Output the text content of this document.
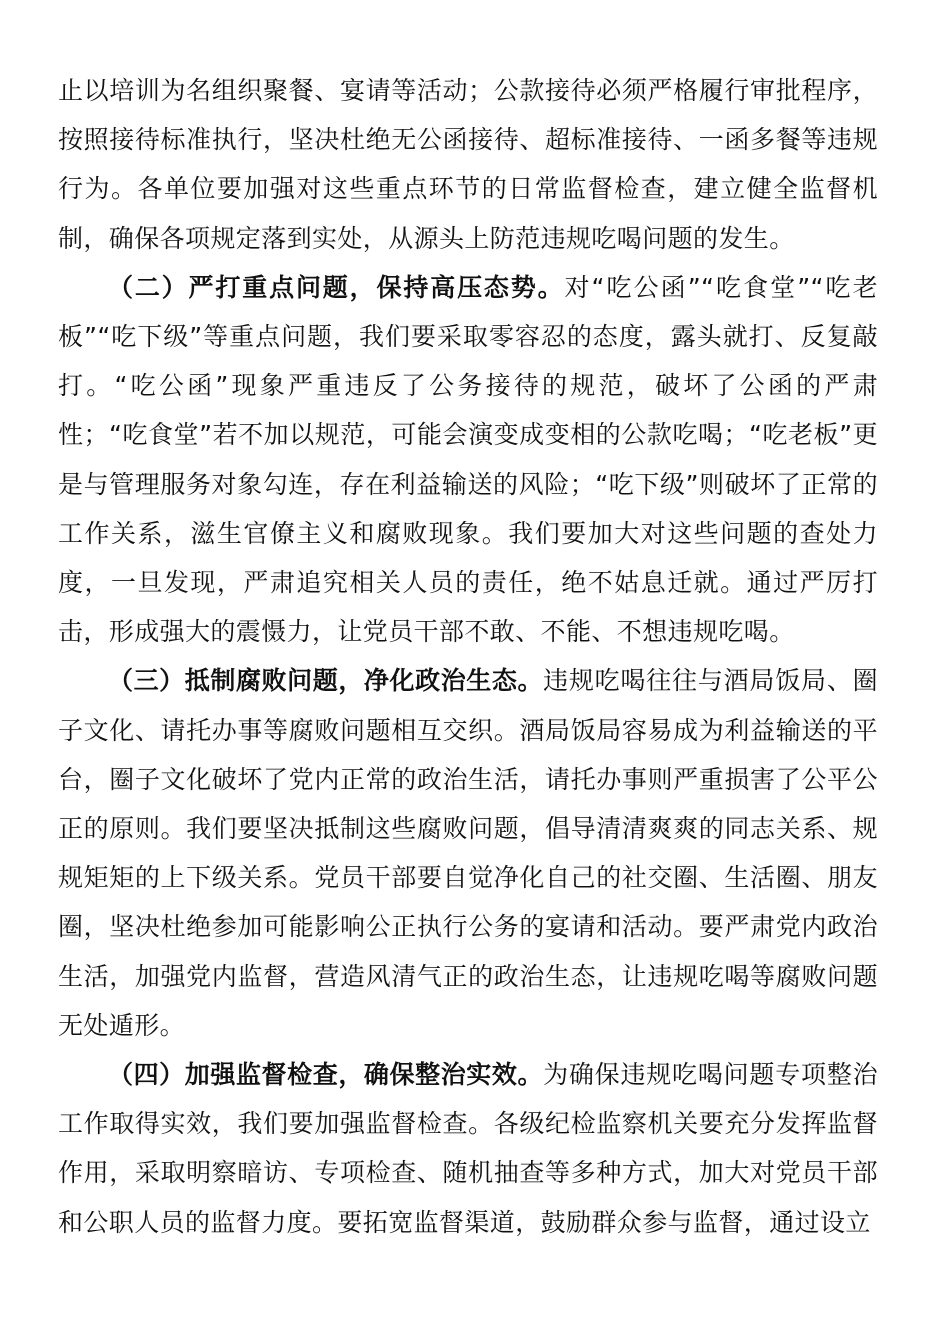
止以培训为名组织聚餐、宴请等活动；公款接待必须严格履行审批程序，按照接待标准执行，坚决杜绝无公函接待、超标准接待、一函多餐等违规行为。各单位要加强对这些重点环节的日常监督检查，建立健全监督机制，确保各项规定落到实处，从源头上防范违规吃喝问题的发生。

（二）严打重点问题，保持高压态势。对“吃公函”“吃食堂”“吃老板”“吃下级”等重点问题，我们要采取零容忍的态度，露头就打、反复敲打。“吃公函”现象严重违反了公务接待的规范，破坏了公函的严肃性；“吃食堂”若不加以规范，可能会演变成变相的公款吃喝；“吃老板”更是与管理服务对象勾连，存在利益输送的风险；“吃下级”则破坏了正常的工作关系，滋生官僚主义和腐败现象。我们要加大对这些问题的查处力度，一旦发现，严肃追究相关人员的责任，绝不姑息迁就。通过严厉打击，形成强大的震慑力，让党员干部不敢、不能、不想违规吃喝。

（三）抵制腐败问题，净化政治生态。违规吃喝往往与酒局饭局、圈子文化、请托办事等腐败问题相互交织。酒局饭局容易成为利益输送的平台，圈子文化破坏了党内正常的政治生活，请托办事则严重损害了公平公正的原则。我们要坚决抵制这些腐败问题，倡导清清爽爽的同志关系、规规矩矩的上下级关系。党员干部要自觉净化自己的社交圈、生活圈、朋友圈，坚决杜绝参加可能影响公正执行公务的宴请和活动。要严肃党内政治生活，加强党内监督，营造风清气正的政治生态，让违规吃喝等腐败问题无处遁形。

（四）加强监督检查，确保整治实效。为确保违规吃喝问题专项整治工作取得实效，我们要加强监督检查。各级纪检监察机关要充分发挥监督作用，采取明察暗访、专项检查、随机抽查等多种方式，加大对党员干部和公职人员的监督力度。要拓宽监督渠道，鼓励群众参与监督，通过设立
